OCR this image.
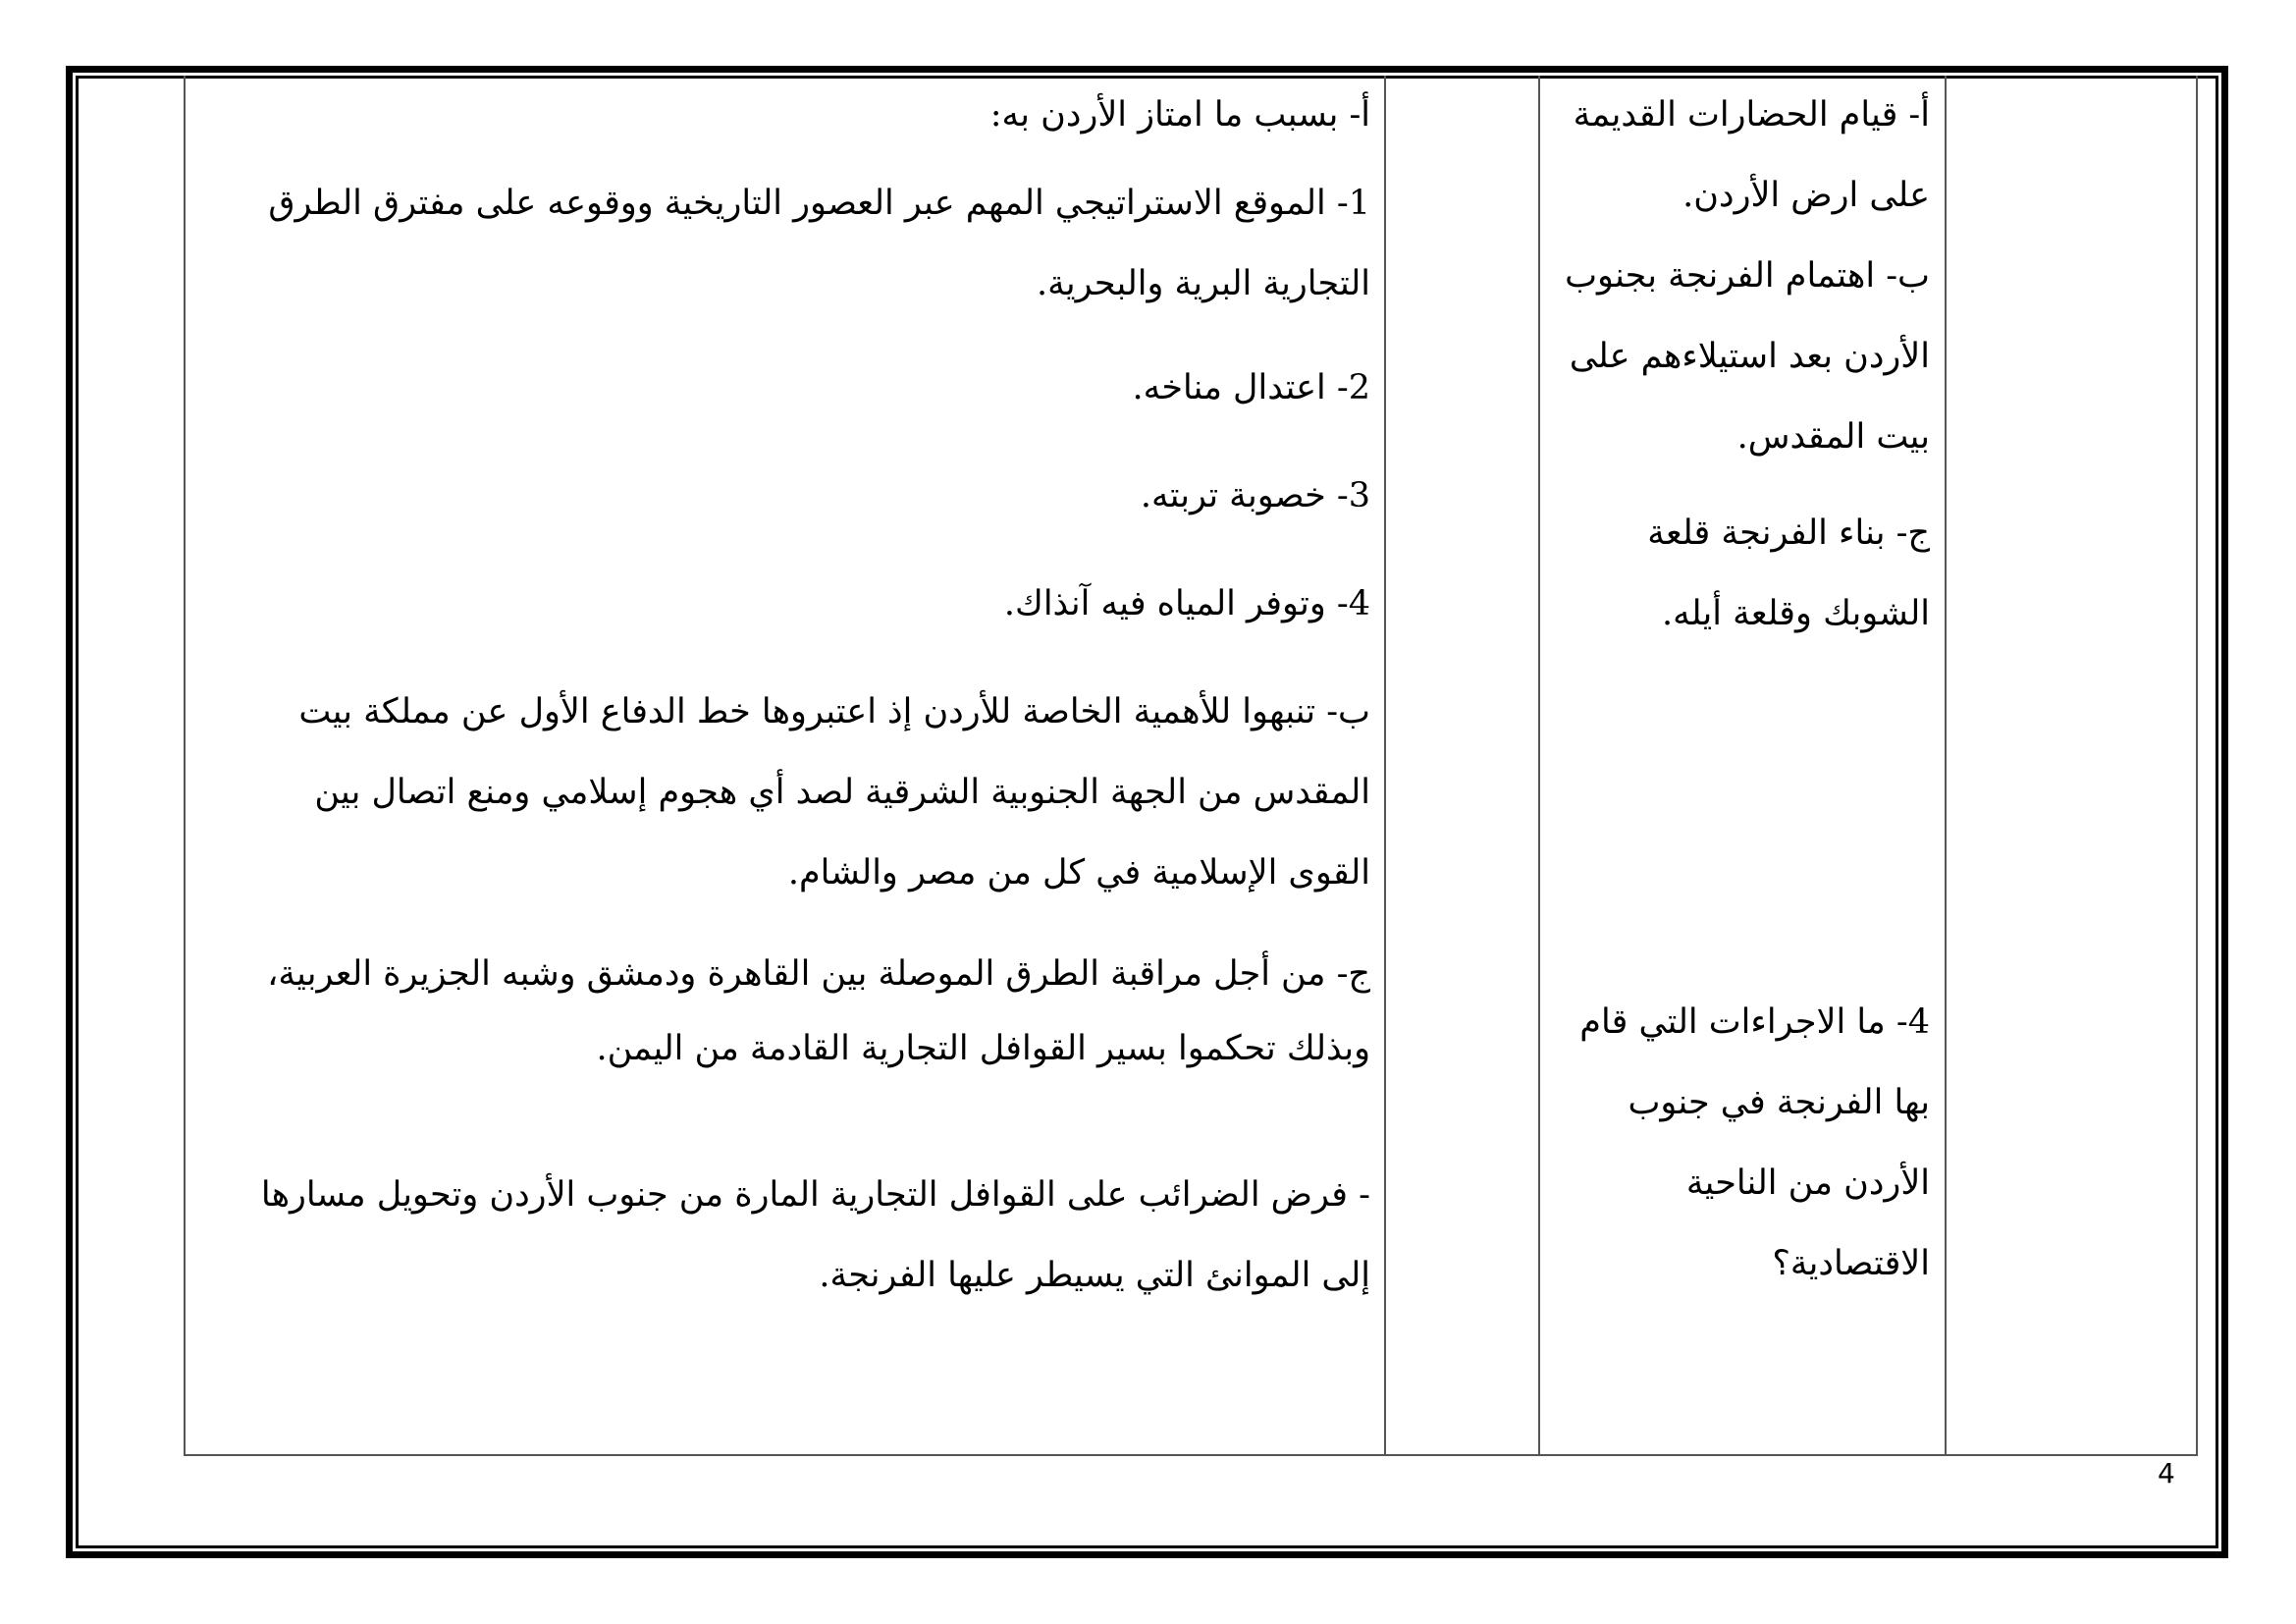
أ- قيام الحضارات القديمة على ارض الأردن.

ب- اهتمام الفرنجة بجنوب الأردن بعد استيلاءهم على بيت المقدس.

ج- بناء الفرنجة قلعة الشوبك وقلعة أيله.

4- ما الاجراءات التي قام بها الفرنجة في جنوب الأردن من الناحية الاقتصادية؟

أ- بسبب ما امتاز الأردن به:

1- الموقع الاستراتيجي المهم عبر العصور التاريخية ووقوعه على مفترق الطرق التجارية البرية والبحرية.

2- اعتدال مناخه.

3- خصوبة تربته.

4- وتوفر المياه فيه آنذاك.

ب- تنبهوا للأهمية الخاصة للأردن إذ اعتبروها خط الدفاع الأول عن مملكة بيت المقدس من الجهة الجنوبية الشرقية لصد أي هجوم إسلامي ومنع اتصال بين القوى الإسلامية في كل من مصر والشام.

ج- من أجل مراقبة الطرق الموصلة بين القاهرة ودمشق وشبه الجزيرة العربية، وبذلك تحكموا بسير القوافل التجارية القادمة من اليمن.

- فرض الضرائب على القوافل التجارية المارة من جنوب الأردن وتحويل مسارها إلى الموانئ التي يسيطر عليها الفرنجة.

4
